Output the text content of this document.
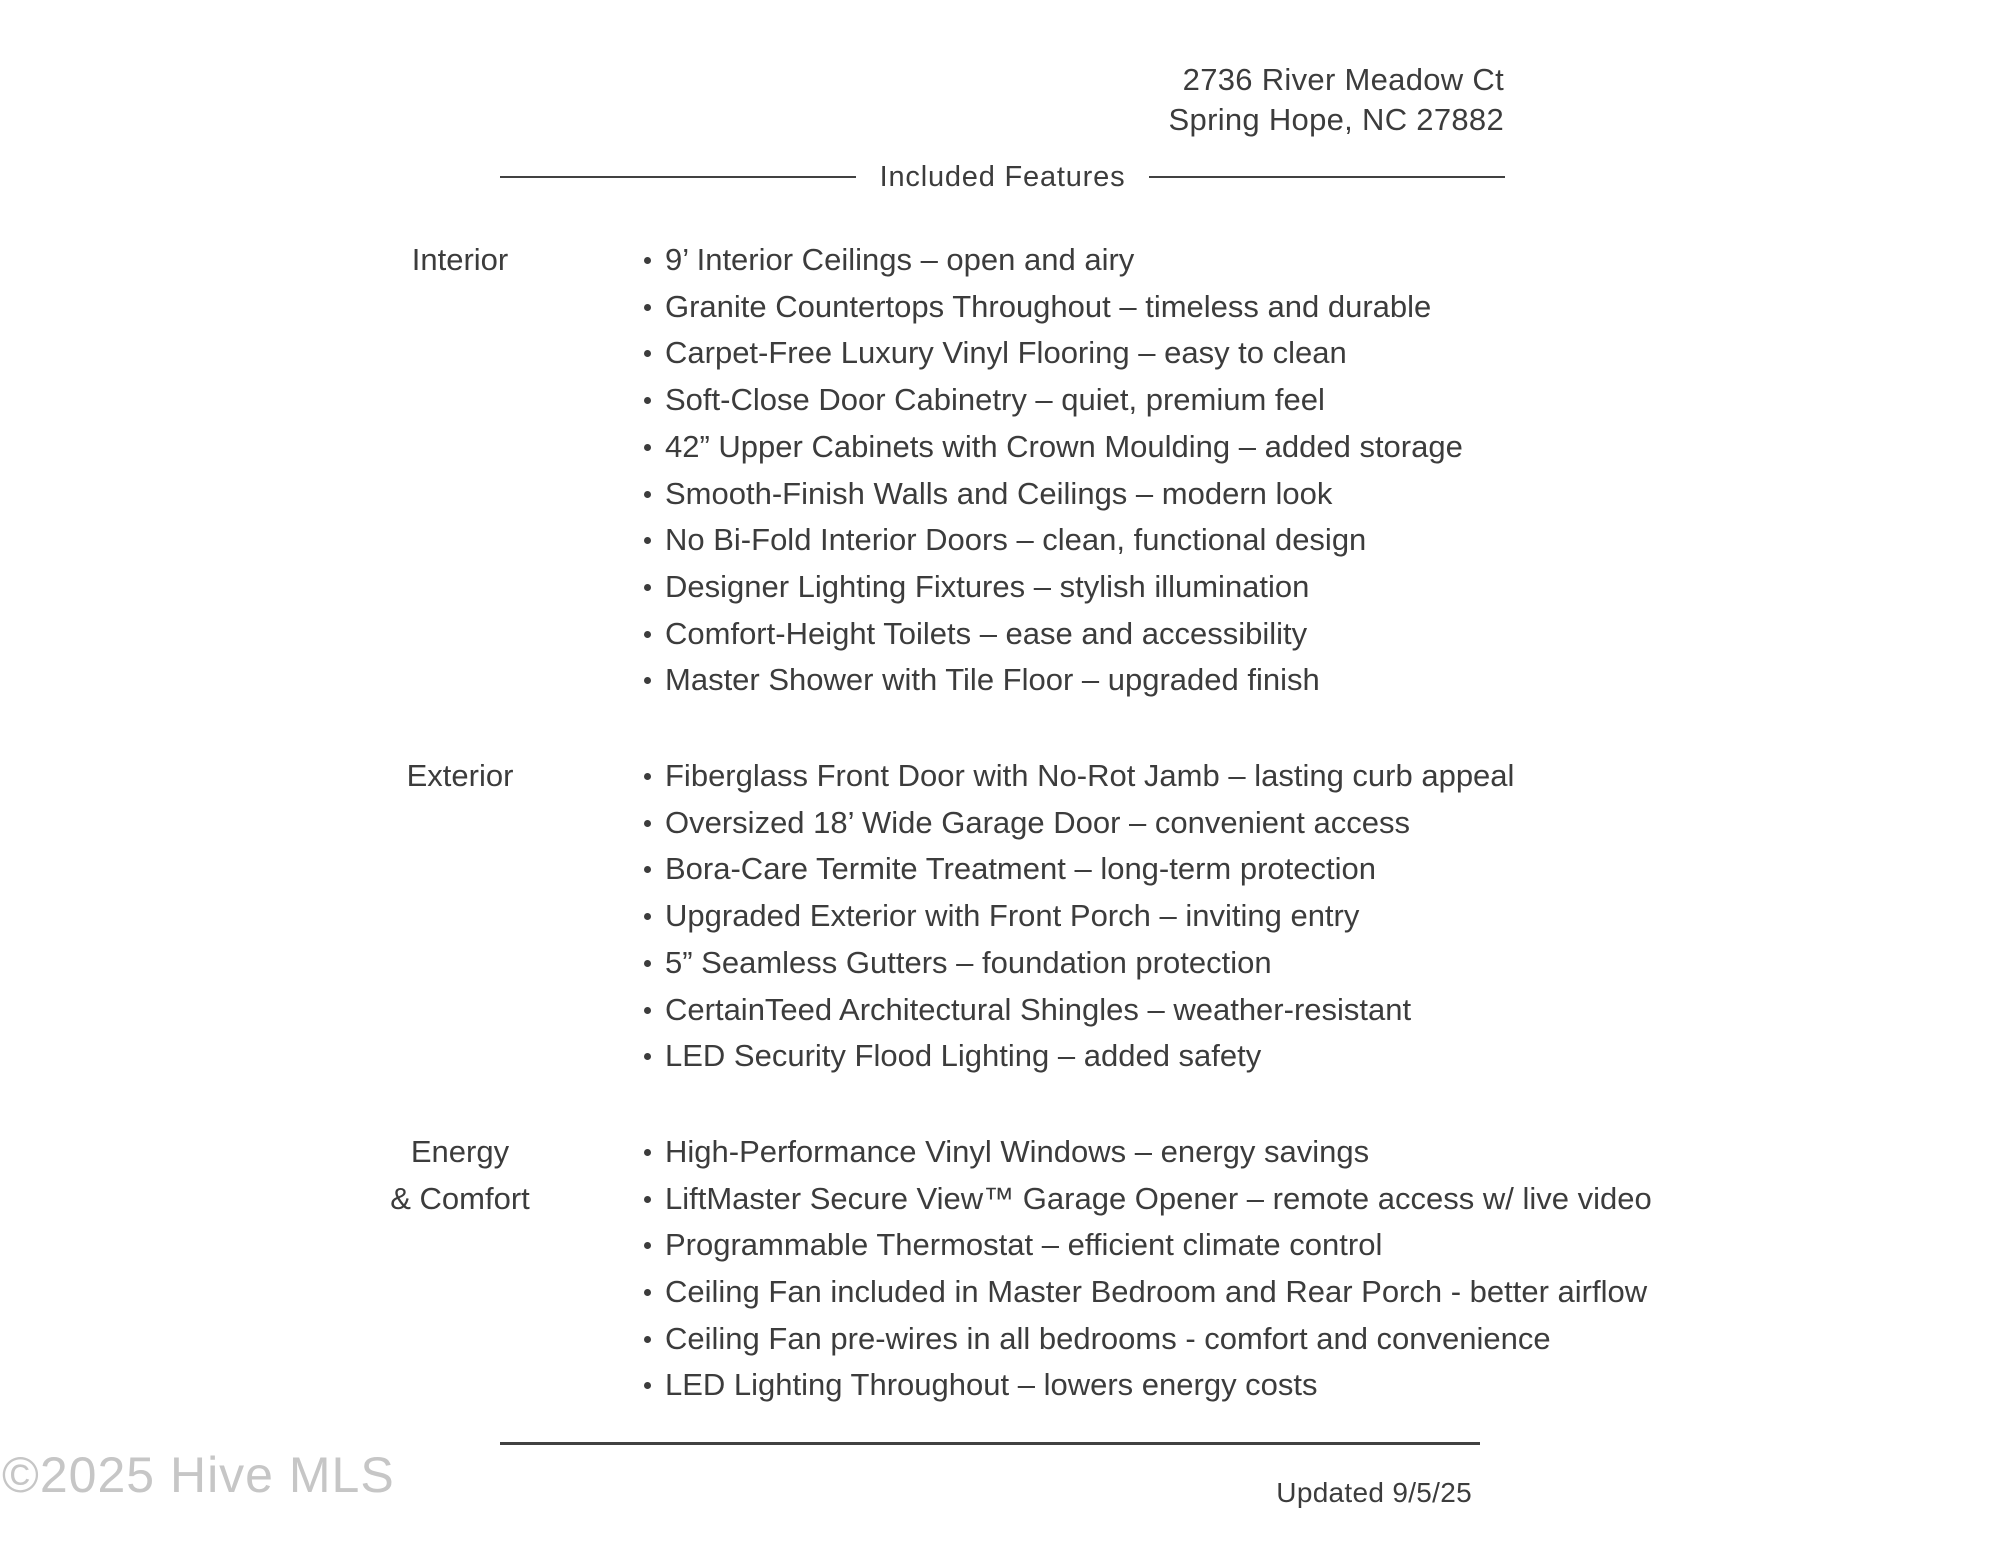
2736 River Meadow Ct
Spring Hope, NC 27882
Included Features
Interior	9’ Interior Ceilings – open and airy
Granite Countertops Throughout – timeless and durable
Carpet-Free Luxury Vinyl Flooring – easy to clean
Soft-Close Door Cabinetry – quiet, premium feel
42” Upper Cabinets with Crown Moulding – added storage
Smooth-Finish Walls and Ceilings – modern look
No Bi-Fold Interior Doors – clean, functional design
Designer Lighting Fixtures – stylish illumination
Comfort-Height Toilets – ease and accessibility
Master Shower with Tile Floor – upgraded finish
Exterior	Fiberglass Front Door with No-Rot Jamb – lasting curb appeal
Oversized 18’ Wide Garage Door – convenient access
Bora-Care Termite Treatment – long-term protection
Upgraded Exterior with Front Porch – inviting entry
5” Seamless Gutters – foundation protection
CertainTeed Architectural Shingles – weather-resistant
LED Security Flood Lighting – added safety
Energy
& Comfort
High-Performance Vinyl Windows – energy savings
LiftMaster Secure View™ Garage Opener – remote access w/ live video
Programmable Thermostat – efficient climate control
Ceiling Fan included in Master Bedroom and Rear Porch - better airflow
Ceiling Fan pre-wires in all bedrooms - comfort and convenience
LED Lighting Throughout – lowers energy costs
Updated 9/5/25
©2025 Hive MLS
